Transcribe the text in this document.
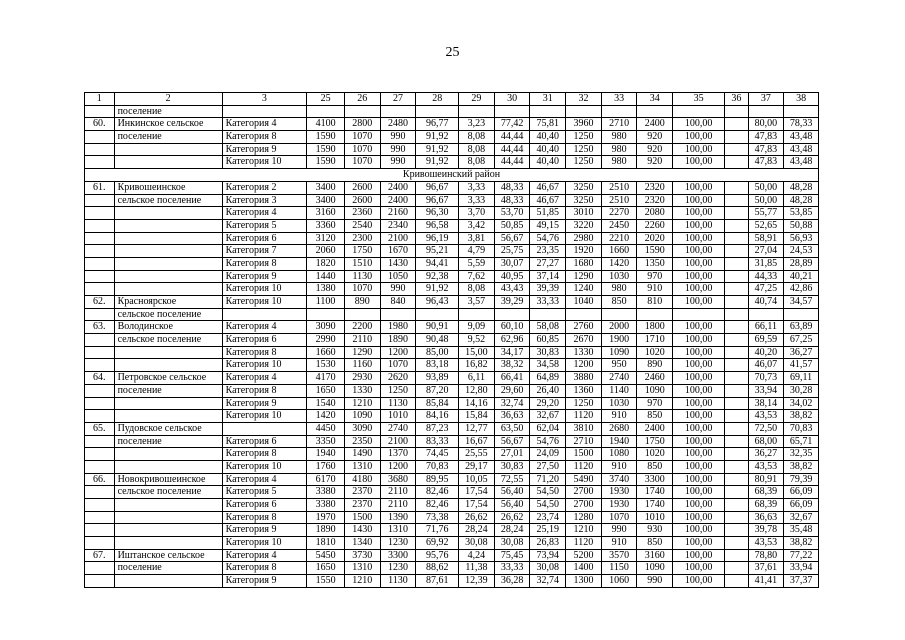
25
1	2	3	25	26	27	28	29	30	31	32	33	34	35	36	37	38
	поселение															
60.	Инкинское сельское	Категория 4	4100	2800	2480	96,77	3,23	77,42	75,81	3960	2710	2400	100,00		80,00	78,33
	поселение	Категория 8	1590	1070	990	91,92	8,08	44,44	40,40	1250	980	920	100,00		47,83	43,48
		Категория 9	1590	1070	990	91,92	8,08	44,44	40,40	1250	980	920	100,00		47,83	43,48
		Категория 10	1590	1070	990	91,92	8,08	44,44	40,40	1250	980	920	100,00		47,83	43,48
Кривошеинский район																
61.	Кривошеинское	Категория 2	3400	2600	2400	96,67	3,33	48,33	46,67	3250	2510	2320	100,00		50,00	48,28
	сельское поселение	Категория 3	3400	2600	2400	96,67	3,33	48,33	46,67	3250	2510	2320	100,00		50,00	48,28
		Категория 4	3160	2360	2160	96,30	3,70	53,70	51,85	3010	2270	2080	100,00		55,77	53,85
		Категория 5	3360	2540	2340	96,58	3,42	50,85	49,15	3220	2450	2260	100,00		52,65	50,88
		Категория 6	3120	2300	2100	96,19	3,81	56,67	54,76	2980	2210	2020	100,00		58,91	56,93
		Категория 7	2060	1750	1670	95,21	4,79	25,75	23,35	1920	1660	1590	100,00		27,04	24,53
		Категория 8	1820	1510	1430	94,41	5,59	30,07	27,27	1680	1420	1350	100,00		31,85	28,89
		Категория 9	1440	1130	1050	92,38	7,62	40,95	37,14	1290	1030	970	100,00		44,33	40,21
		Категория 10	1380	1070	990	91,92	8,08	43,43	39,39	1240	980	910	100,00		47,25	42,86
62.	Красноярское	Категория 10	1100	890	840	96,43	3,57	39,29	33,33	1040	850	810	100,00		40,74	34,57
	сельское поселение															
63.	Володинское	Категория 4	3090	2200	1980	90,91	9,09	60,10	58,08	2760	2000	1800	100,00		66,11	63,89
	сельское поселение	Категория 6	2990	2110	1890	90,48	9,52	62,96	60,85	2670	1900	1710	100,00		69,59	67,25
		Категория 8	1660	1290	1200	85,00	15,00	34,17	30,83	1330	1090	1020	100,00		40,20	36,27
		Категория 10	1530	1160	1070	83,18	16,82	38,32	34,58	1200	950	890	100,00		46,07	41,57
64.	Петровское сельское	Категория 4	4170	2930	2620	93,89	6,11	66,41	64,89	3880	2740	2460	100,00		70,73	69,11
	поселение	Категория 8	1650	1330	1250	87,20	12,80	29,60	26,40	1360	1140	1090	100,00		33,94	30,28
		Категория 9	1540	1210	1130	85,84	14,16	32,74	29,20	1250	1030	970	100,00		38,14	34,02
		Категория 10	1420	1090	1010	84,16	15,84	36,63	32,67	1120	910	850	100,00		43,53	38,82
65.	Пудовское сельское		4450	3090	2740	87,23	12,77	63,50	62,04	3810	2680	2400	100,00		72,50	70,83
	поселение	Категория 6	3350	2350	2100	83,33	16,67	56,67	54,76	2710	1940	1750	100,00		68,00	65,71
		Категория 8	1940	1490	1370	74,45	25,55	27,01	24,09	1500	1080	1020	100,00		36,27	32,35
		Категория 10	1760	1310	1200	70,83	29,17	30,83	27,50	1120	910	850	100,00		43,53	38,82
66.	Новокривошеинское	Категория 4	6170	4180	3680	89,95	10,05	72,55	71,20	5490	3740	3300	100,00		80,91	79,39
	сельское поселение	Категория 5	3380	2370	2110	82,46	17,54	56,40	54,50	2700	1930	1740	100,00		68,39	66,09
		Категория 6	3380	2370	2110	82,46	17,54	56,40	54,50	2700	1930	1740	100,00		68,39	66,09
		Категория 8	1970	1500	1390	73,38	26,62	26,62	23,74	1280	1070	1010	100,00		36,63	32,67
		Категория 9	1890	1430	1310	71,76	28,24	28,24	25,19	1210	990	930	100,00		39,78	35,48
		Категория 10	1810	1340	1230	69,92	30,08	30,08	26,83	1120	910	850	100,00		43,53	38,82
67.	Иштанское сельское	Категория 4	5450	3730	3300	95,76	4,24	75,45	73,94	5200	3570	3160	100,00		78,80	77,22
	поселение	Категория 8	1650	1310	1230	88,62	11,38	33,33	30,08	1400	1150	1090	100,00		37,61	33,94
		Категория 9	1550	1210	1130	87,61	12,39	36,28	32,74	1300	1060	990	100,00		41,41	37,37
